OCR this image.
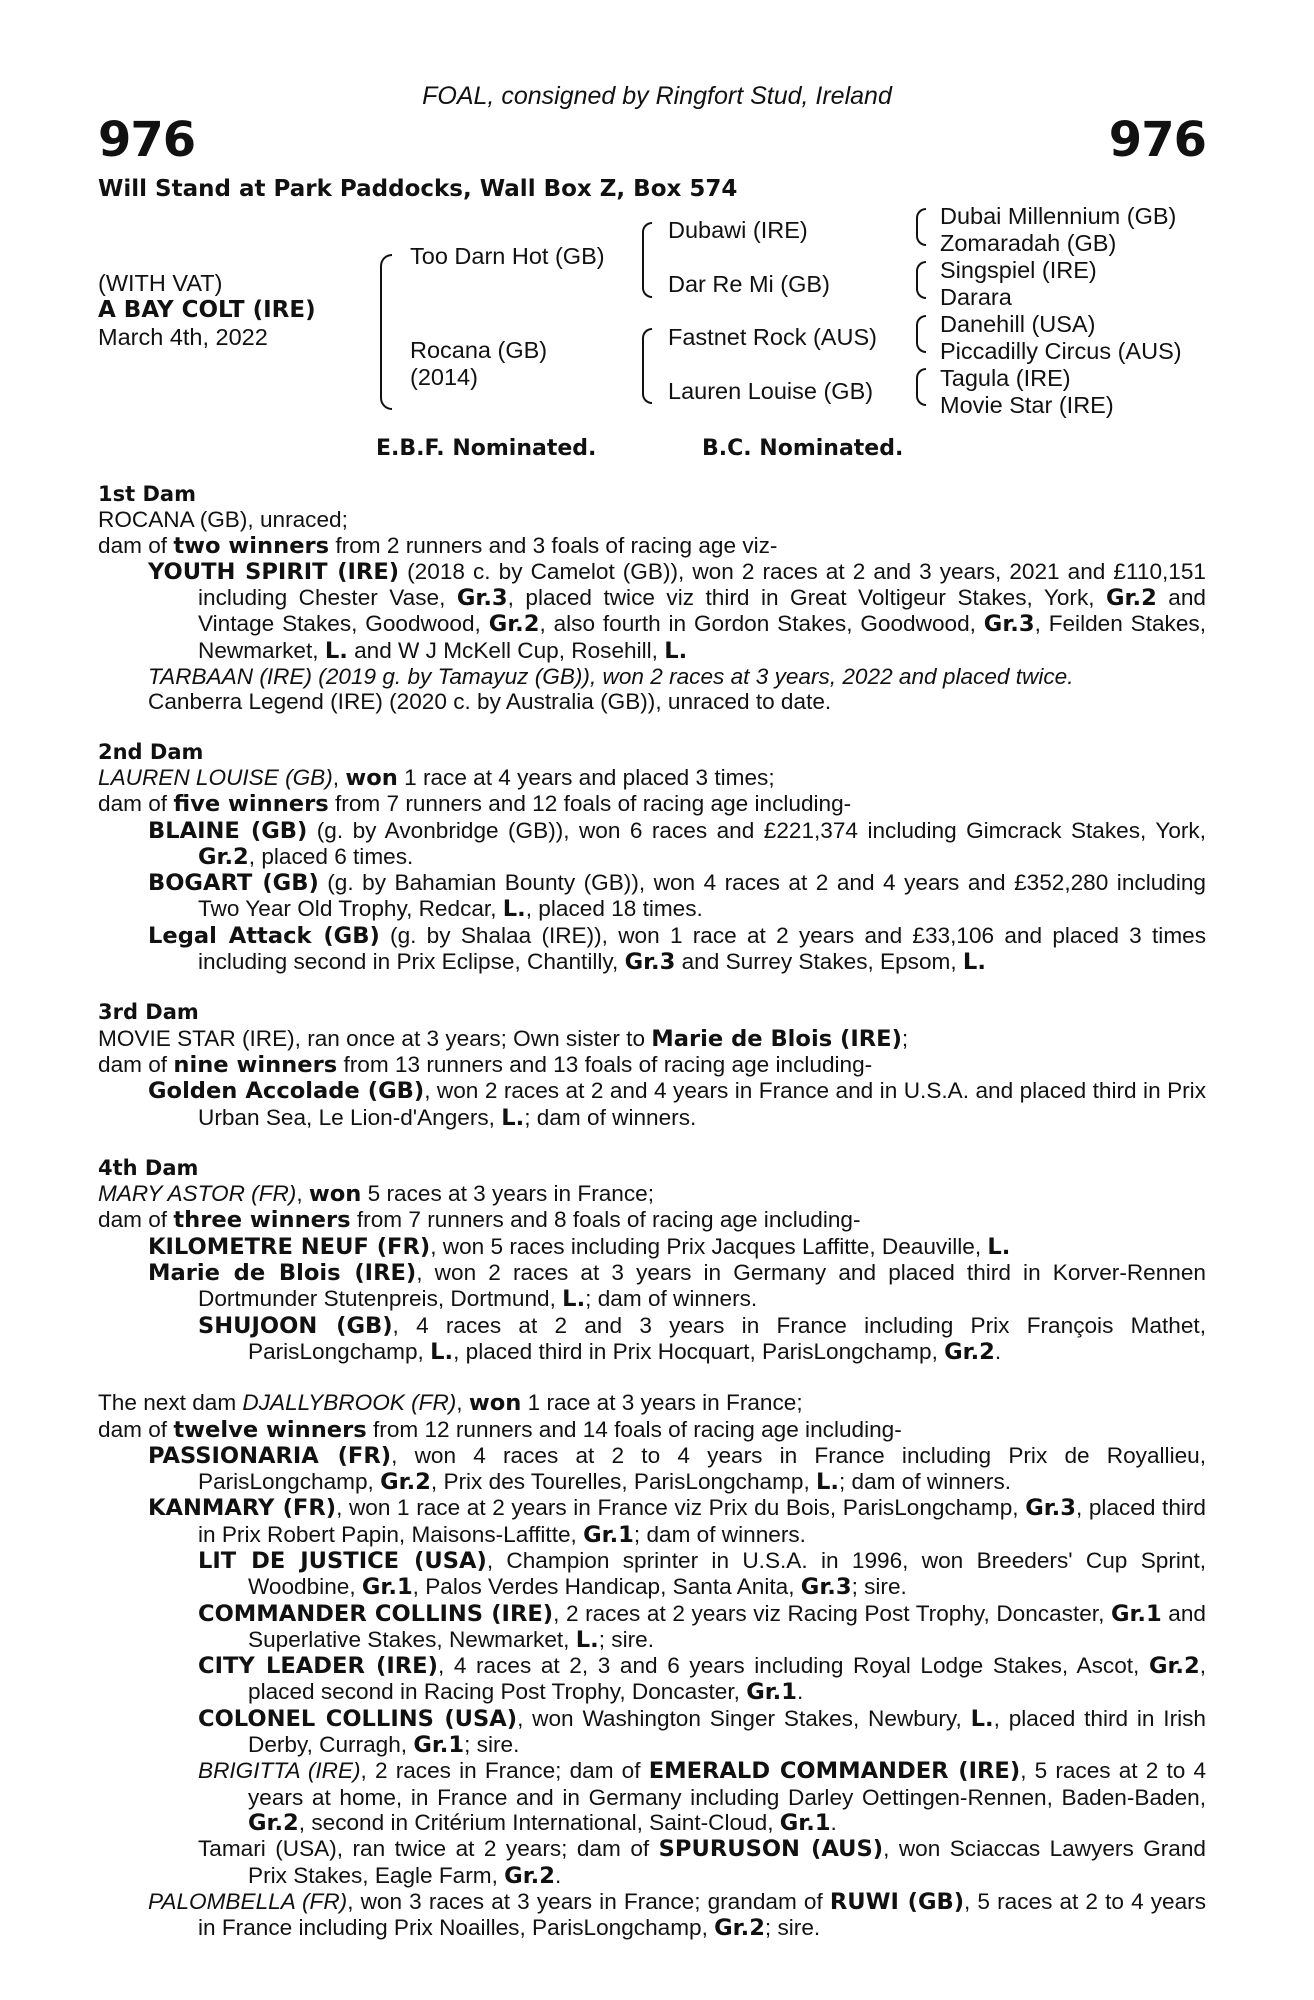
FOAL, consigned by Ringfort Stud, Ireland
976	976
Will Stand at Park Paddocks, Wall Box Z, Box 574
(WITH VAT)
A BAY COLT (IRE)
March 4th, 2022
Too Darn Hot (GB)
Rocana (GB)
(2014)
Dubawi (IRE)
Dar Re Mi (GB)
Fastnet Rock (AUS)
Lauren Louise (GB)
Dubai Millennium (GB)
Zomaradah (GB)
Singspiel (IRE)
Darara
Danehill (USA)
Piccadilly Circus (AUS)
Tagula (IRE)
Movie Star (IRE)
E.B.F. Nominated.	B.C. Nominated.
1st Dam

ROCANA (GB), unraced;

dam of two winners from 2 runners and 3 foals of racing age viz-

YOUTH SPIRIT (IRE) (2018 c. by Camelot (GB)), won 2 races at 2 and 3 years, 2021 and £110,151 including Chester Vase, Gr.3, placed twice viz third in Great Voltigeur Stakes, York, Gr.2 and Vintage Stakes, Goodwood, Gr.2, also fourth in Gordon Stakes, Goodwood, Gr.3, Feilden Stakes, Newmarket, L. and W J McKell Cup, Rosehill, L.

TARBAAN (IRE) (2019 g. by Tamayuz (GB)), won 2 races at 3 years, 2022 and placed twice.

Canberra Legend (IRE) (2020 c. by Australia (GB)), unraced to date.

2nd Dam

LAUREN LOUISE (GB), won 1 race at 4 years and placed 3 times;

dam of five winners from 7 runners and 12 foals of racing age including-

BLAINE (GB) (g. by Avonbridge (GB)), won 6 races and £221,374 including Gimcrack Stakes, York, Gr.2, placed 6 times.

BOGART (GB) (g. by Bahamian Bounty (GB)), won 4 races at 2 and 4 years and £352,280 including Two Year Old Trophy, Redcar, L., placed 18 times.

Legal Attack (GB) (g. by Shalaa (IRE)), won 1 race at 2 years and £33,106 and placed 3 times including second in Prix Eclipse, Chantilly, Gr.3 and Surrey Stakes, Epsom, L.

3rd Dam

MOVIE STAR (IRE), ran once at 3 years; Own sister to Marie de Blois (IRE);

dam of nine winners from 13 runners and 13 foals of racing age including-

Golden Accolade (GB), won 2 races at 2 and 4 years in France and in U.S.A. and placed third in Prix Urban Sea, Le Lion-d'Angers, L.; dam of winners.

4th Dam

MARY ASTOR (FR), won 5 races at 3 years in France;

dam of three winners from 7 runners and 8 foals of racing age including-

KILOMETRE NEUF (FR), won 5 races including Prix Jacques Laffitte, Deauville, L.

Marie de Blois (IRE), won 2 races at 3 years in Germany and placed third in Korver-Rennen Dortmunder Stutenpreis, Dortmund, L.; dam of winners.

SHUJOON (GB), 4 races at 2 and 3 years in France including Prix François Mathet, ParisLongchamp, L., placed third in Prix Hocquart, ParisLongchamp, Gr.2.

The next dam DJALLYBROOK (FR), won 1 race at 3 years in France;

dam of twelve winners from 12 runners and 14 foals of racing age including-

PASSIONARIA (FR), won 4 races at 2 to 4 years in France including Prix de Royallieu, ParisLongchamp, Gr.2, Prix des Tourelles, ParisLongchamp, L.; dam of winners.

KANMARY (FR), won 1 race at 2 years in France viz Prix du Bois, ParisLongchamp, Gr.3, placed third in Prix Robert Papin, Maisons-Laffitte, Gr.1; dam of winners.

LIT DE JUSTICE (USA), Champion sprinter in U.S.A. in 1996, won Breeders' Cup Sprint, Woodbine, Gr.1, Palos Verdes Handicap, Santa Anita, Gr.3; sire.

COMMANDER COLLINS (IRE), 2 races at 2 years viz Racing Post Trophy, Doncaster, Gr.1 and Superlative Stakes, Newmarket, L.; sire.

CITY LEADER (IRE), 4 races at 2, 3 and 6 years including Royal Lodge Stakes, Ascot, Gr.2, placed second in Racing Post Trophy, Doncaster, Gr.1.

COLONEL COLLINS (USA), won Washington Singer Stakes, Newbury, L., placed third in Irish Derby, Curragh, Gr.1; sire.

BRIGITTA (IRE), 2 races in France; dam of EMERALD COMMANDER (IRE), 5 races at 2 to 4 years at home, in France and in Germany including Darley Oettingen-Rennen, Baden-Baden, Gr.2, second in Critérium International, Saint-Cloud, Gr.1.

Tamari (USA), ran twice at 2 years; dam of SPURUSON (AUS), won Sciaccas Lawyers Grand Prix Stakes, Eagle Farm, Gr.2.

PALOMBELLA (FR), won 3 races at 3 years in France; grandam of RUWI (GB), 5 races at 2 to 4 years in France including Prix Noailles, ParisLongchamp, Gr.2; sire.
